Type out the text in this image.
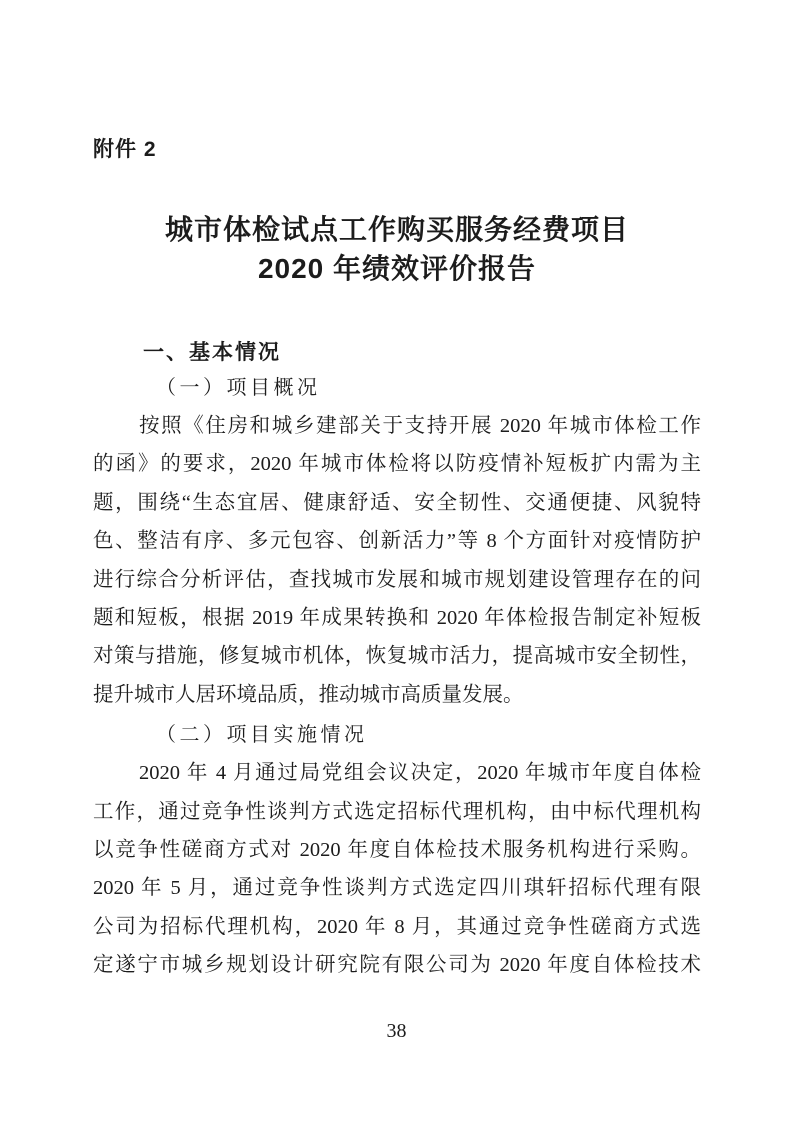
附件 2
城市体检试点工作购买服务经费项目
2020 年绩效评价报告
一、基本情况
（一）项目概况
按照《住房和城乡建部关于支持开展 2020 年城市体检工作
的函》的要求，2020 年城市体检将以防疫情补短板扩内需为主
题，围绕“生态宜居、健康舒适、安全韧性、交通便捷、风貌特
色、整洁有序、多元包容、创新活力”等 8 个方面针对疫情防护
进行综合分析评估，查找城市发展和城市规划建设管理存在的问
题和短板，根据 2019 年成果转换和 2020 年体检报告制定补短板
对策与措施，修复城市机体，恢复城市活力，提高城市安全韧性，
提升城市人居环境品质，推动城市高质量发展。
（二）项目实施情况
2020 年 4 月通过局党组会议决定，2020 年城市年度自体检
工作，通过竞争性谈判方式选定招标代理机构，由中标代理机构
以竞争性磋商方式对 2020 年度自体检技术服务机构进行采购。
2020 年 5 月，通过竞争性谈判方式选定四川琪轩招标代理有限
公司为招标代理机构，2020 年 8 月，其通过竞争性磋商方式选
定遂宁市城乡规划设计研究院有限公司为 2020 年度自体检技术
38
